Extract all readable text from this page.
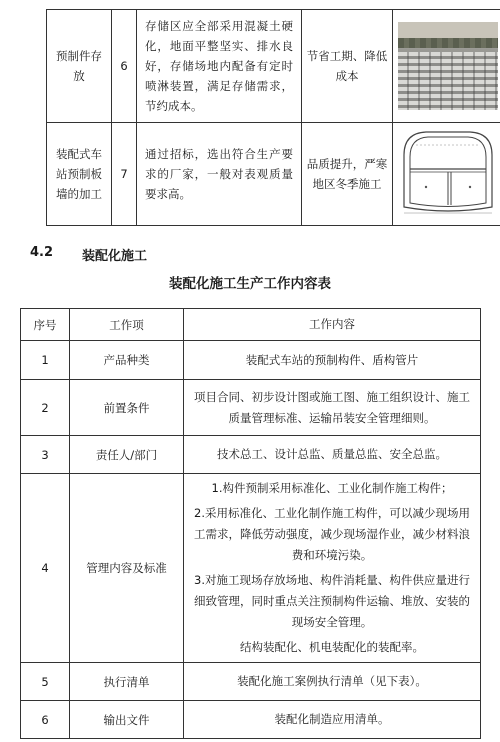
预制件存放	6	存储区应全部采用混凝土硬化，地面平整坚实、排水良好，存储场地内配备有定时喷淋装置，满足存储需求，节约成本。	节省工期、降低成本	

装配式车站预制板墙的加工	7	通过招标，选出符合生产要求的厂家，一般对表观质量要求高。	品质提升，严寒地区冬季施工	
4.2 装配化施工
装配化施工生产工作内容表
序号	工作项	工作内容
1	产品种类	装配式车站的预制构件、盾构管片
2	前置条件	项目合同、初步设计图或施工图、施工组织设计、施工质量管理标准、运输吊装安全管理细则。
3	责任人/部门	技术总工、设计总监、质量总监、安全总监。
4	管理内容及标准	1.构件预制采用标准化、工业化制作施工构件；
2.采用标准化、工业化制作施工构件，可以减少现场用工需求，降低劳动强度，减少现场湿作业，减少材料浪费和环境污染。
3.对施工现场存放场地、构件消耗量、构件供应量进行细致管理，同时重点关注预制构件运输、堆放、安装的现场安全管理。
结构装配化、机电装配化的装配率。

5	执行清单	装配化施工案例执行清单（见下表）。
6	输出文件	装配化制造应用清单。
